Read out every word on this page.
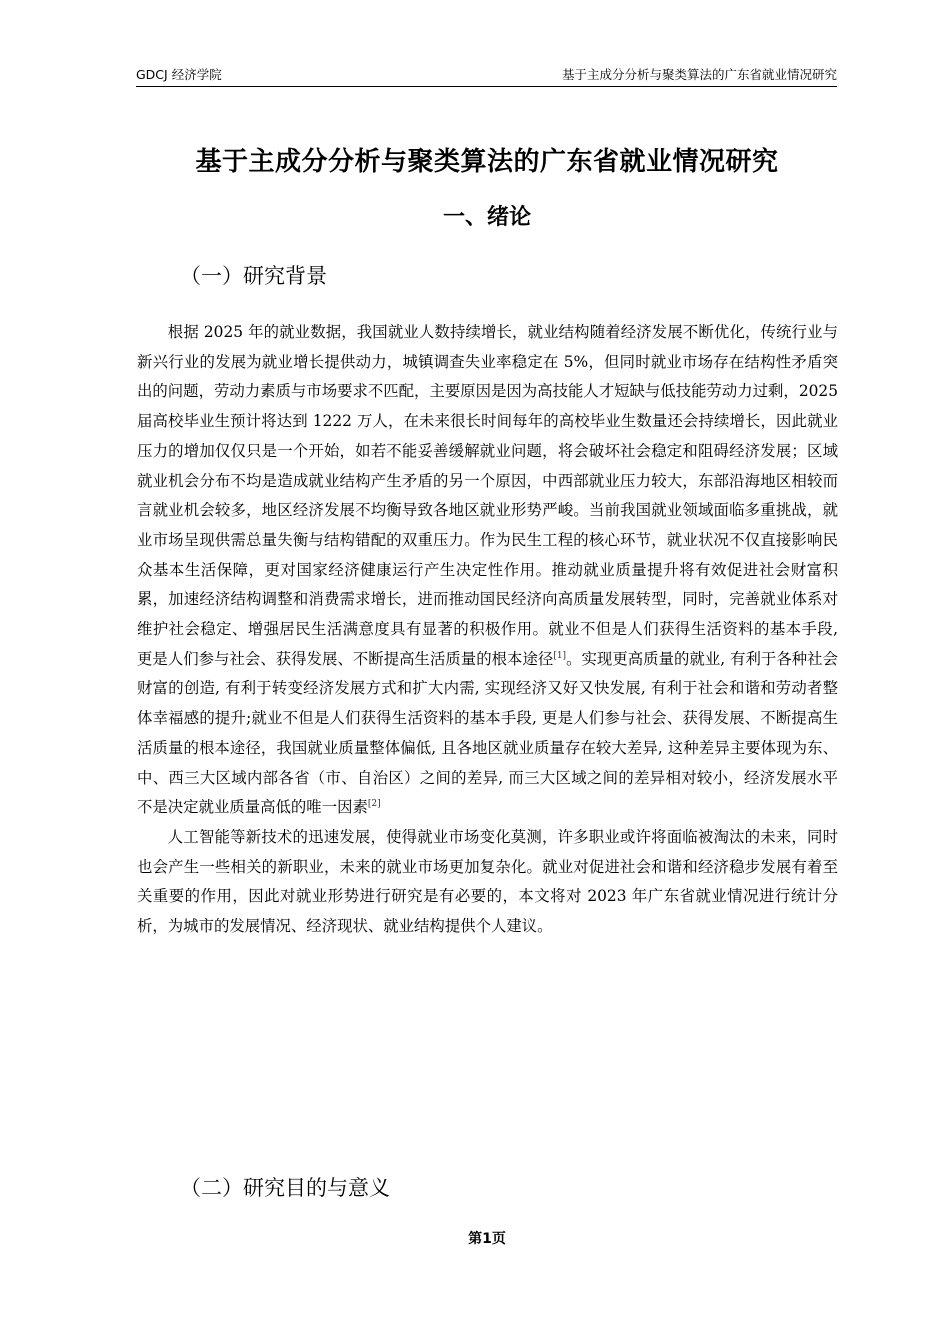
GDCJ 经济学院	基于主成分分析与聚类算法的广东省就业情况研究
基于主成分分析与聚类算法的广东省就业情况研究
一、绪论
（一）研究背景

根据 2025 年的就业数据，我国就业人数持续增长，就业结构随着经济发展不断优化，传统行业与新兴行业的发展为就业增长提供动力，城镇调查失业率稳定在 5%，但同时就业市场存在结构性矛盾突出的问题，劳动力素质与市场要求不匹配，主要原因是因为高技能人才短缺与低技能劳动力过剩，2025 届高校毕业生预计将达到 1222 万人，在未来很长时间每年的高校毕业生数量还会持续增长，因此就业压力的增加仅仅只是一个开始，如若不能妥善缓解就业问题，将会破坏社会稳定和阻碍经济发展；区域就业机会分布不均是造成就业结构产生矛盾的另一个原因，中西部就业压力较大，东部沿海地区相较而言就业机会较多，地区经济发展不均衡导致各地区就业形势严峻。当前我国就业领域面临多重挑战，就业市场呈现供需总量失衡与结构错配的双重压力。作为民生工程的核心环节，就业状况不仅直接影响民众基本生活保障，更对国家经济健康运行产生决定性作用。推动就业质量提升将有效促进社会财富积累，加速经济结构调整和消费需求增长，进而推动国民经济向高质量发展转型，同时，完善就业体系对维护社会稳定、增强居民生活满意度具有显著的积极作用。就业不但是人们获得生活资料的基本手段, 更是人们参与社会、获得发展、不断提高生活质量的根本途径[1]。实现更高质量的就业, 有利于各种社会财富的创造, 有利于转变经济发展方式和扩大内需, 实现经济又好又快发展, 有利于社会和谐和劳动者整体幸福感的提升;就业不但是人们获得生活资料的基本手段, 更是人们参与社会、获得发展、不断提高生活质量的根本途径，我国就业质量整体偏低, 且各地区就业质量存在较大差异, 这种差异主要体现为东、中、西三大区域内部各省（市、自治区）之间的差异, 而三大区域之间的差异相对较小，经济发展水平不是决定就业质量高低的唯一因素[2]

人工智能等新技术的迅速发展，使得就业市场变化莫测，许多职业或许将面临被淘汰的未来，同时也会产生一些相关的新职业，未来的就业市场更加复杂化。就业对促进社会和谐和经济稳步发展有着至关重要的作用，因此对就业形势进行研究是有必要的，本文将对 2023 年广东省就业情况进行统计分析，为城市的发展情况、经济现状、就业结构提供个人建议。

（二）研究目的与意义
第1页
